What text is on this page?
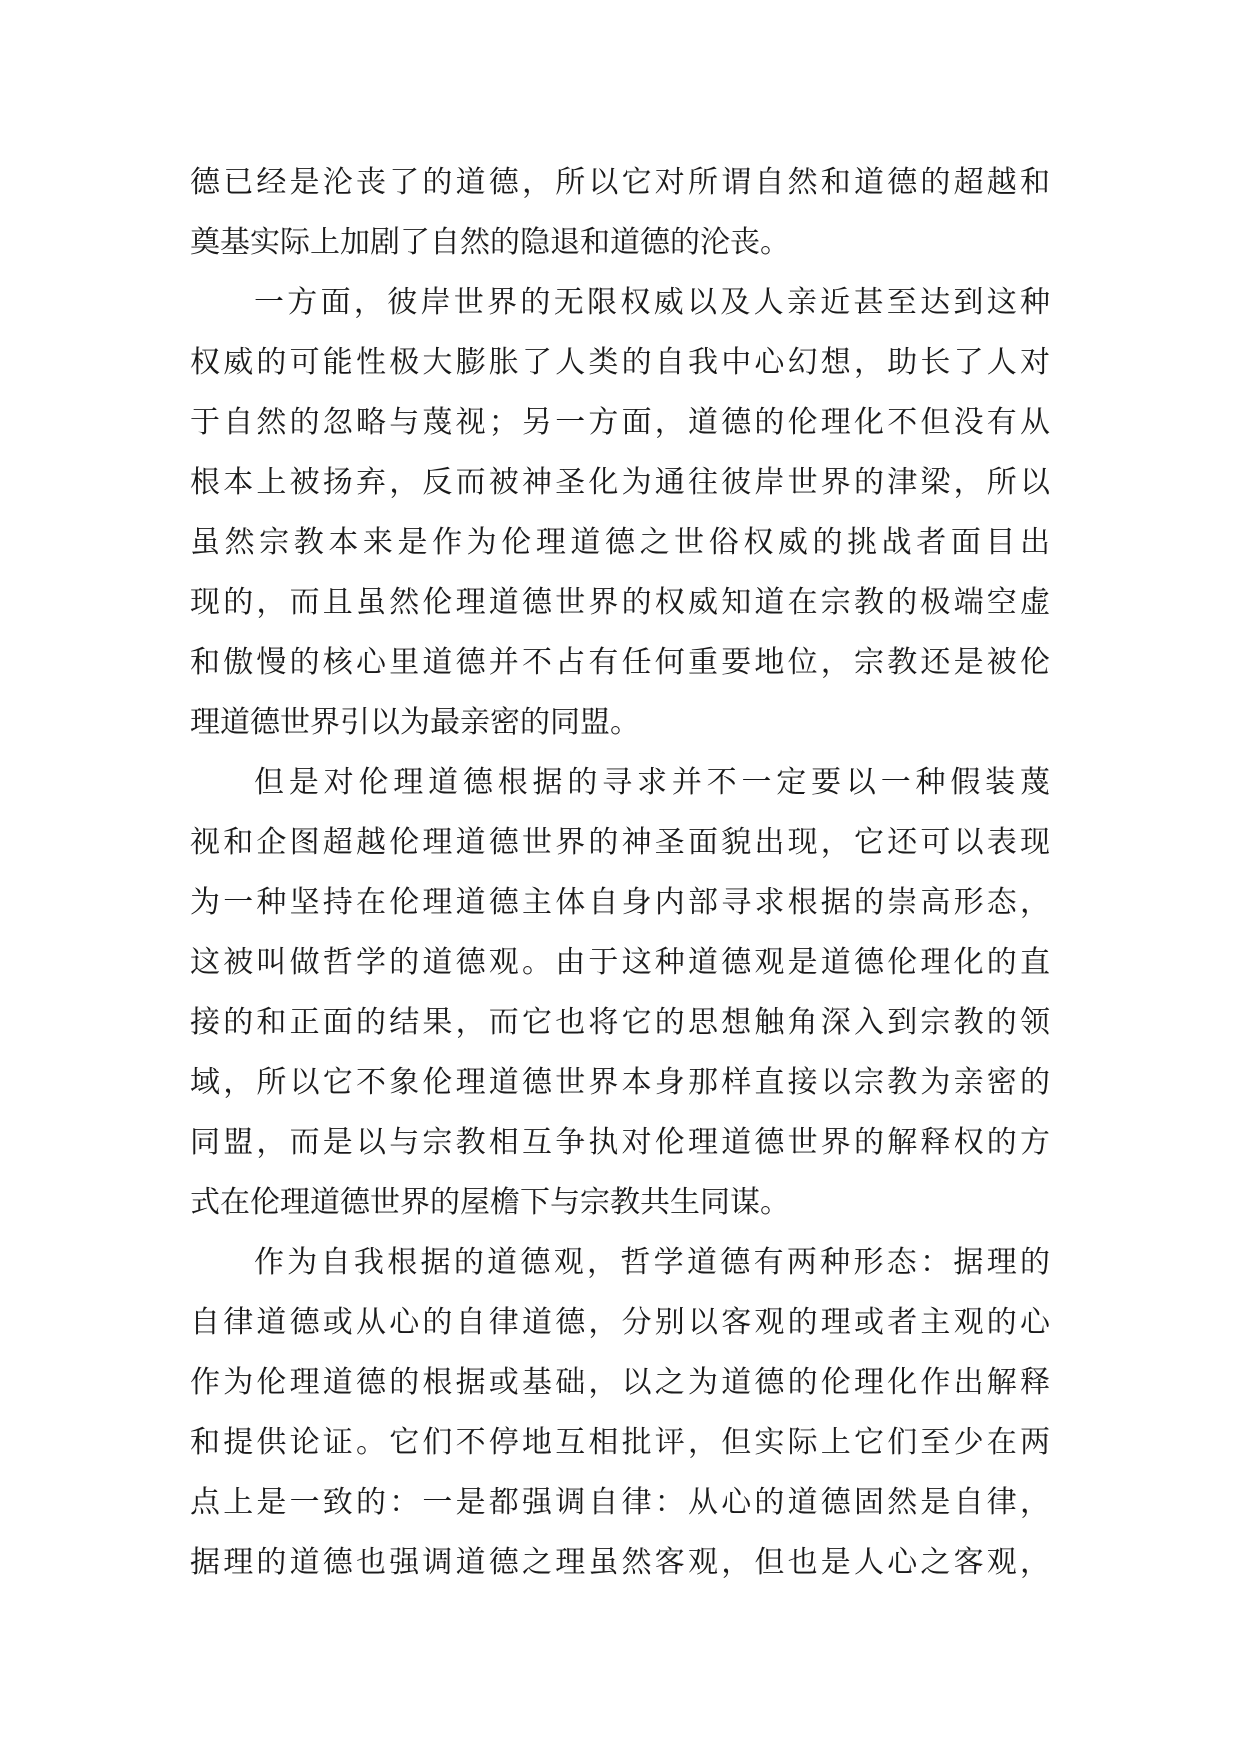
德已经是沦丧了的道德，所以它对所谓自然和道德的超越和
奠基实际上加剧了自然的隐退和道德的沦丧。
一方面，彼岸世界的无限权威以及人亲近甚至达到这种
权威的可能性极大膨胀了人类的自我中心幻想，助长了人对
于自然的忽略与蔑视；另一方面，道德的伦理化不但没有从
根本上被扬弃，反而被神圣化为通往彼岸世界的津梁，所以
虽然宗教本来是作为伦理道德之世俗权威的挑战者面目出
现的，而且虽然伦理道德世界的权威知道在宗教的极端空虚
和傲慢的核心里道德并不占有任何重要地位，宗教还是被伦
理道德世界引以为最亲密的同盟。
但是对伦理道德根据的寻求并不一定要以一种假装蔑
视和企图超越伦理道德世界的神圣面貌出现，它还可以表现
为一种坚持在伦理道德主体自身内部寻求根据的崇高形态，
这被叫做哲学的道德观。由于这种道德观是道德伦理化的直
接的和正面的结果，而它也将它的思想触角深入到宗教的领
域，所以它不象伦理道德世界本身那样直接以宗教为亲密的
同盟，而是以与宗教相互争执对伦理道德世界的解释权的方
式在伦理道德世界的屋檐下与宗教共生同谋。
作为自我根据的道德观，哲学道德有两种形态：据理的
自律道德或从心的自律道德，分别以客观的理或者主观的心
作为伦理道德的根据或基础，以之为道德的伦理化作出解释
和提供论证。它们不停地互相批评，但实际上它们至少在两
点上是一致的：一是都强调自律：从心的道德固然是自律，
据理的道德也强调道德之理虽然客观，但也是人心之客观，
